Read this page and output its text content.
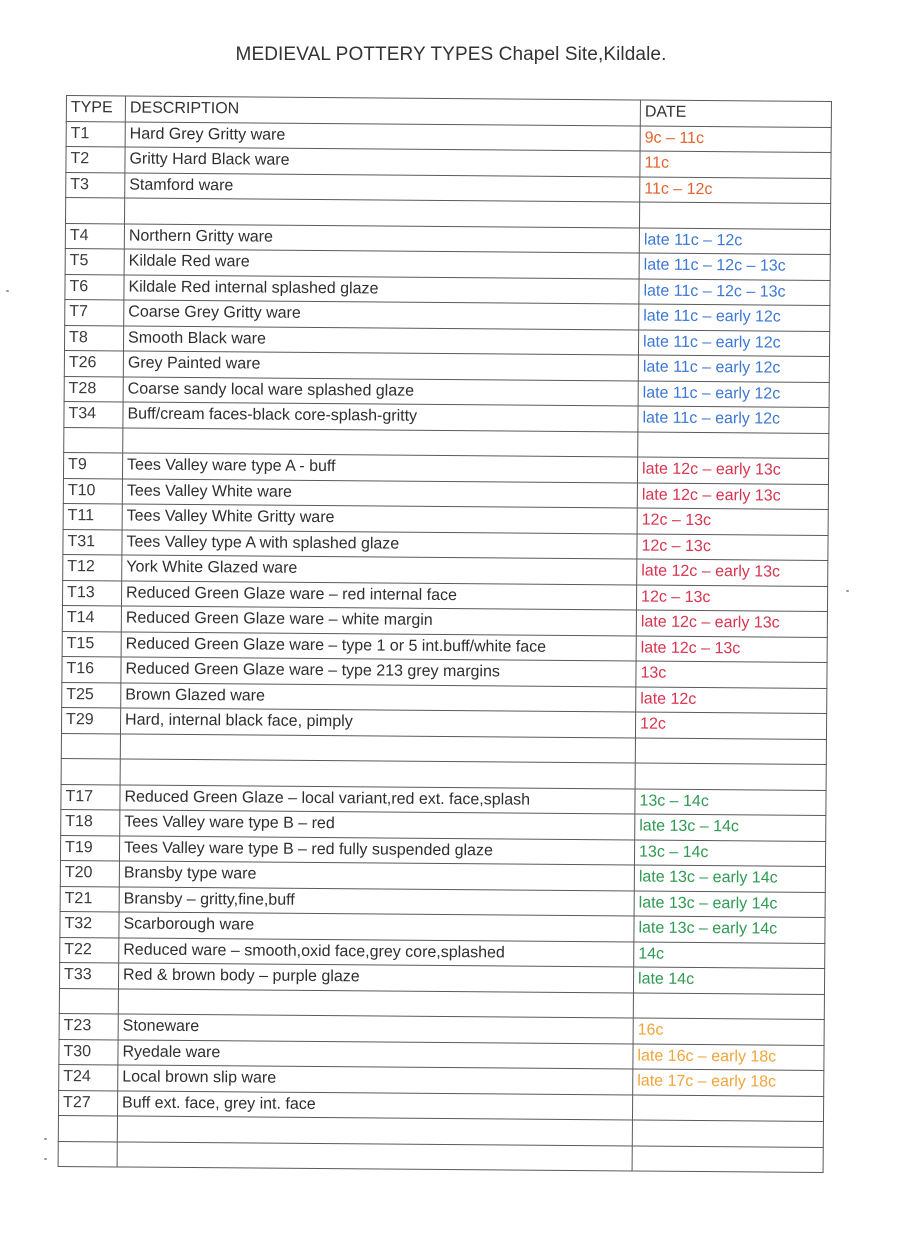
MEDIEVAL POTTERY TYPES Chapel Site,Kildale.
TYPE	DESCRIPTION	DATE
T1	Hard Grey Gritty ware	9c – 11c
T2	Gritty Hard Black ware	11c
T3	Stamford ware	11c – 12c

T4	Northern Gritty ware	late 11c – 12c
T5	Kildale Red ware	late 11c – 12c – 13c
T6	Kildale Red internal splashed glaze	late 11c – 12c – 13c
T7	Coarse Grey Gritty ware	late 11c – early 12c
T8	Smooth Black ware	late 11c – early 12c
T26	Grey Painted ware	late 11c – early 12c
T28	Coarse sandy local ware splashed glaze	late 11c – early 12c
T34	Buff/cream faces-black core-splash-gritty	late 11c – early 12c

T9	Tees Valley ware type A - buff	late 12c – early 13c
T10	Tees Valley White ware	late 12c – early 13c
T11	Tees Valley White Gritty ware	12c – 13c
T31	Tees Valley type A with splashed glaze	12c – 13c
T12	York White Glazed ware	late 12c – early 13c
T13	Reduced Green Glaze ware – red internal face	12c – 13c
T14	Reduced Green Glaze ware – white margin	late 12c – early 13c
T15	Reduced Green Glaze ware – type 1 or 5 int.buff/white face	late 12c – 13c
T16	Reduced Green Glaze ware – type 213 grey margins	13c
T25	Brown Glazed ware	late 12c
T29	Hard, internal black face, pimply	12c

T17	Reduced Green Glaze – local variant,red ext. face,splash	13c – 14c
T18	Tees Valley ware type B – red	late 13c – 14c
T19	Tees Valley ware type B – red fully suspended glaze	13c – 14c
T20	Bransby type ware	late 13c – early 14c
T21	Bransby – gritty,fine,buff	late 13c – early 14c
T32	Scarborough ware	late 13c – early 14c
T22	Reduced ware – smooth,oxid face,grey core,splashed	14c
T33	Red & brown body – purple glaze	late 14c

T23	Stoneware	16c
T30	Ryedale ware	late 16c – early 18c
T24	Local brown slip ware	late 17c – early 18c
T27	Buff ext. face, grey int. face	
